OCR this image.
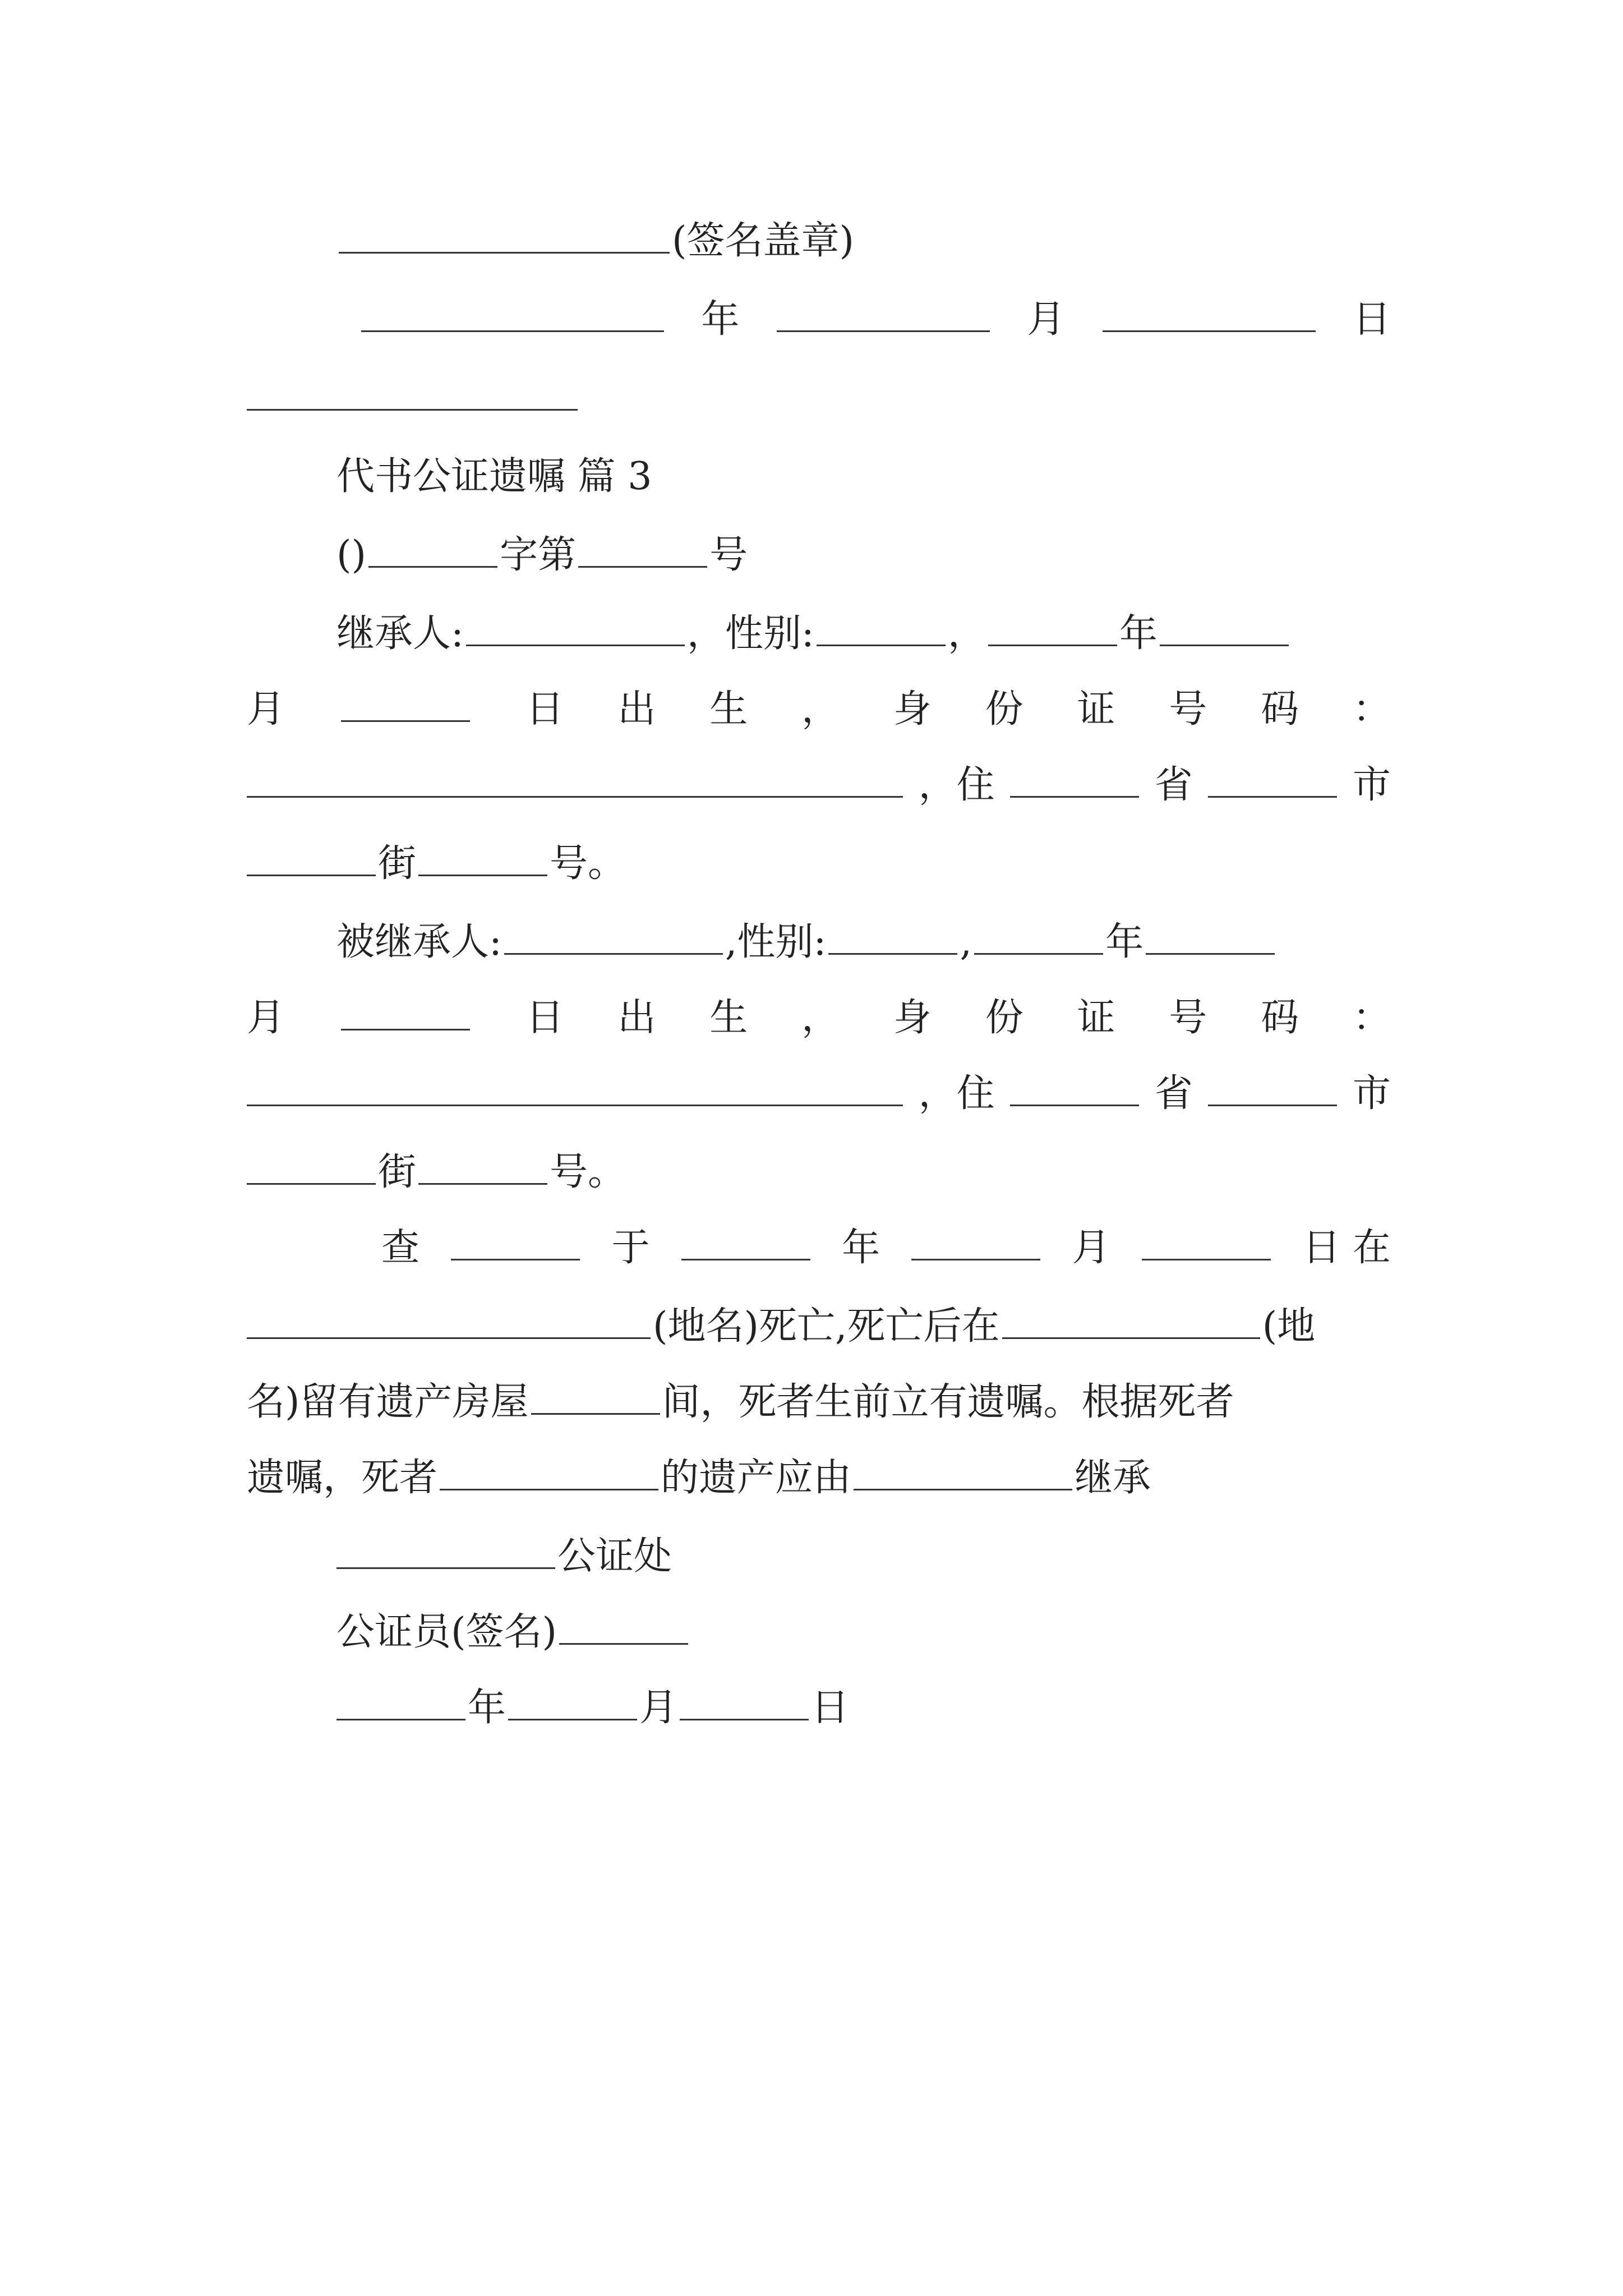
(签名盖章)
年	月	日
代书公证遗嘱 篇 3
()	字第	号
继承人:	，性别:	，	年
月	日 出 生 ， 身 份 证 号 码 ：
，住	省	市
街	号。
被继承人:	,性别:	,	年
月	日 出 生 ， 身 份 证 号 码 ：
，住	省	市
街	号。
查	于	年	月	日 在
(地名)死亡,死亡后在	(地
名)留有遗产房屋	间，死者生前立有遗嘱。根据死者
遗嘱，死者	的遗产应由	继承
公证处
公证员(签名)
年	月	日
